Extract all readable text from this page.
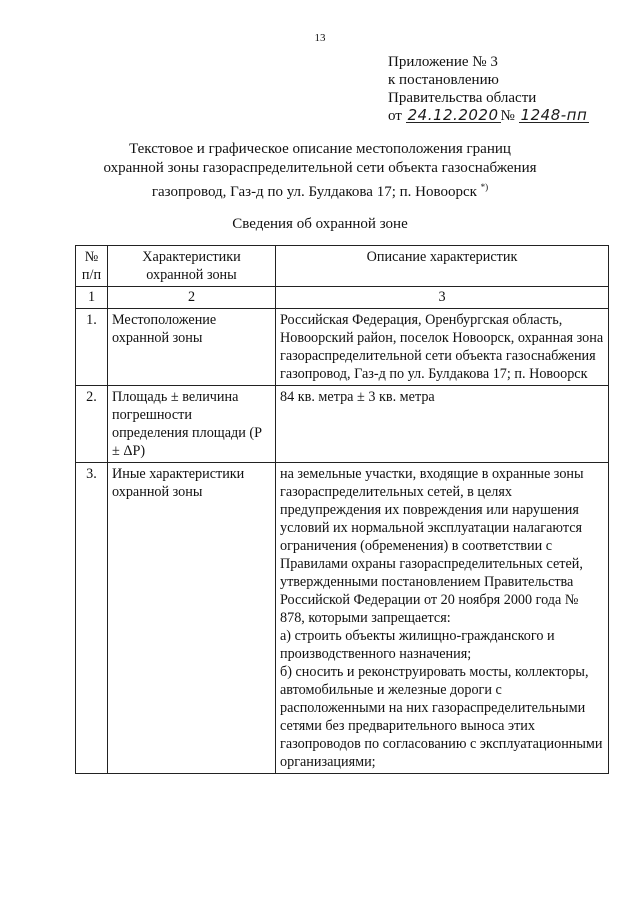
13
Приложение № 3
к постановлению
Правительства области
от 24.12.2020 № 1248-пп
Текстовое и графическое описание местоположения границ
охранной зоны газораспределительной сети объекта газоснабжения
газопровод, Газ-д по ул. Булдакова 17; п. Новоорск *)
Сведения об охранной зоне
№ п/п	Характеристики охранной зоны	Описание характеристик
1	2	3
1.	Местоположение охранной зоны	Российская Федерация, Оренбургская область, Новоорский район, поселок Новоорск, охранная зона газораспределительной сети объекта газоснабжения газопровод, Газ-д по ул. Булдакова 17; п. Новоорск
2.	Площадь ± величина погрешности определения площади (Р ± ΔР)	84 кв. метра ± 3 кв. метра
3.	Иные характеристики охранной зоны	на земельные участки, входящие в охранные зоны газораспределительных сетей, в целях предупреждения их повреждения или нарушения условий их нормальной эксплуатации налагаются ограничения (обременения) в соответствии с Правилами охраны газораспределительных сетей, утвержденными постановлением Правительства Российской Федерации от 20 ноября 2000 года № 878, которыми запрещается:
а) строить объекты жилищно-гражданского и производственного назначения;
б) сносить и реконструировать мосты, коллекторы, автомобильные и железные дороги с расположенными на них газораспределительными сетями без предварительного выноса этих газопроводов по согласованию с эксплуатационными организациями;
